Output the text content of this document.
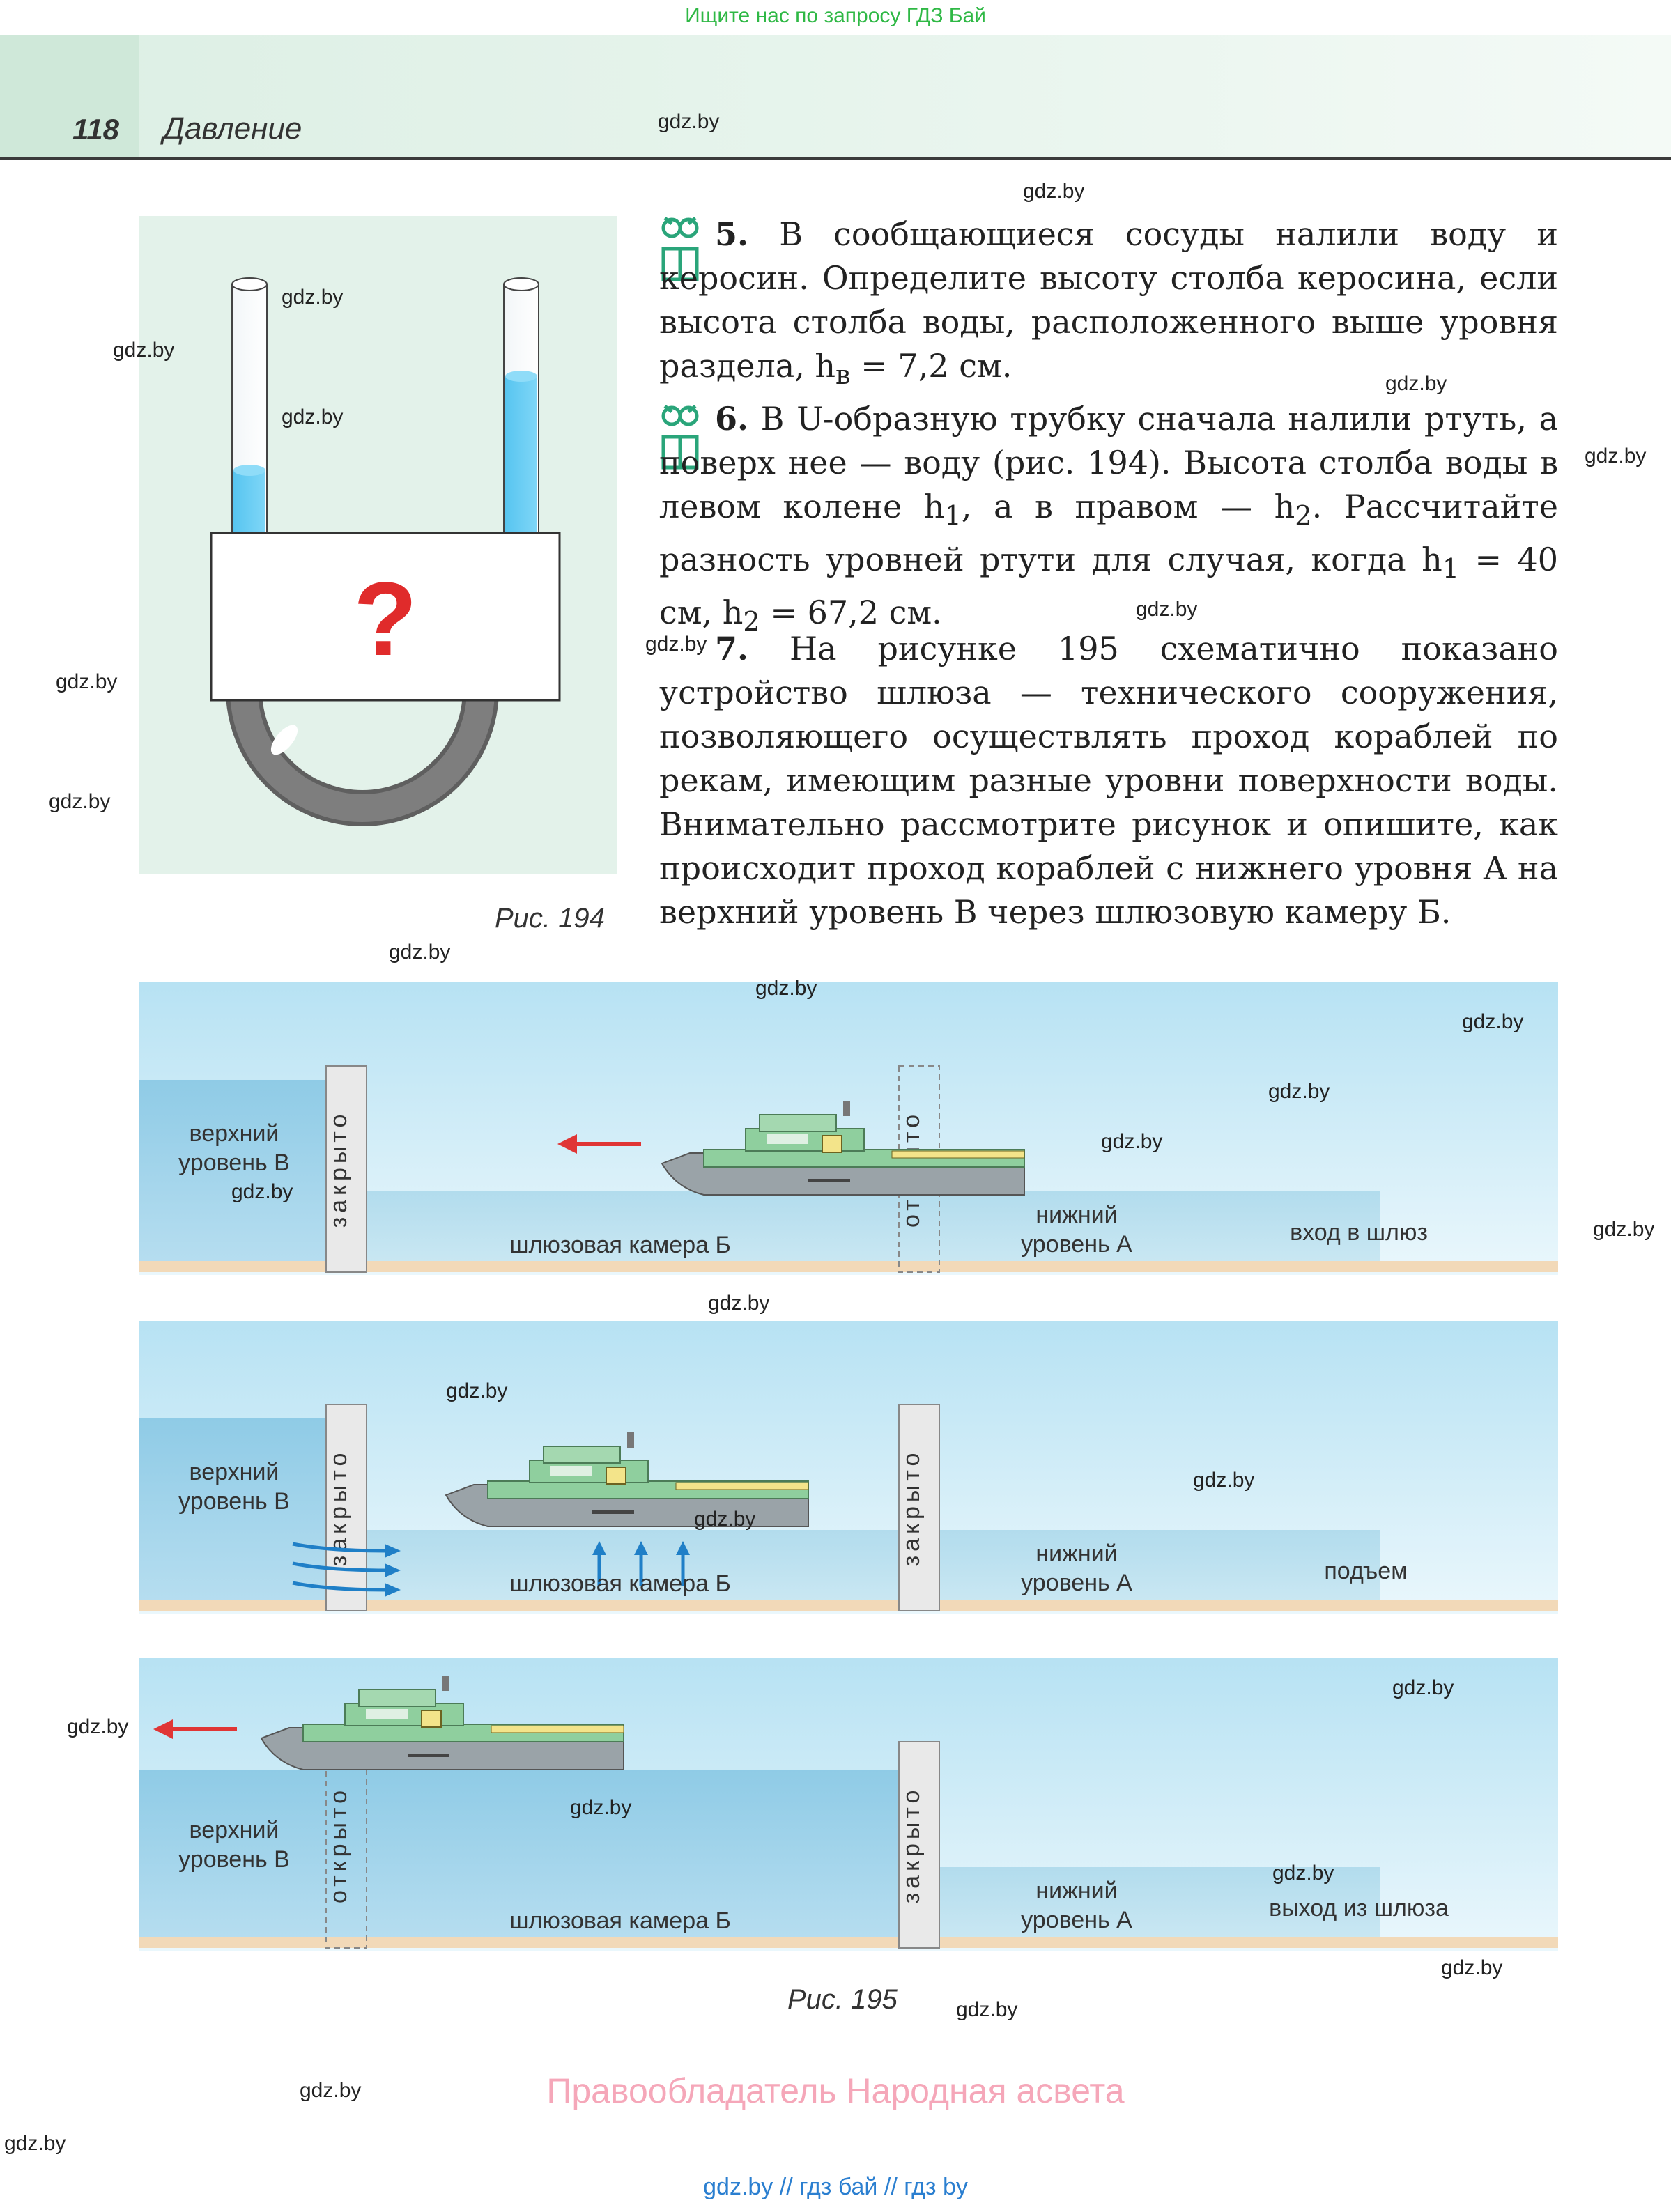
Ищите нас по запросу ГДЗ Бай
118 Давление
?
Рис. 194

5. В сообщающиеся сосуды налили воду и керосин. Определите высоту столба керосина, если высота столба воды, расположенного выше уровня раздела, $h_в = 7,2$ см.

6. В U-образную трубку сначала налили ртуть, а поверх нее — воду (рис. 194). Высота столба воды в левом колене $h_1$, а в правом — $h_2$. Рассчитайте разность уровней ртути для случая, когда $h_1 = 40$ см, $h_2 = 67,2$ см.

7. На рисунке 195 схематично показано устройство шлюза — технического сооружения, позволяющего осуществлять проход кораблей по рекам, имеющим разные уровни поверхности воды. Внимательно рассмотрите рисунок и опишите, как происходит проход кораблей с нижнего уровня A на верхний уровень B через шлюзовую камеру Б.

закрыто
верхний
уровень B
шлюзовая камера Б
нижний
уровень A	вход в шлюз
закрыто	закрыто
верхний
уровень B
шлюзовая камера Б
нижний
уровень A	подъем
открыто	закрыто
верхний
уровень B
шлюзовая камера Б
нижний
уровень A	выход из шлюза
Рис. 195
gdz.by
gdz.by
gdz.by
gdz.by
gdz.by
gdz.by
gdz.by
gdz.by
gdz.by
gdz.by
gdz.by
gdz.by
gdz.by
gdz.by
gdz.by
gdz.by
gdz.by
gdz.by
gdz.by
gdz.by
gdz.by
gdz.by
gdz.by
gdz.by
gdz.by
gdz.by
gdz.by
gdz.by
gdz.by
gdz.by
Правообладатель Народная асвета
gdz.by // гдз бай // гдз by
